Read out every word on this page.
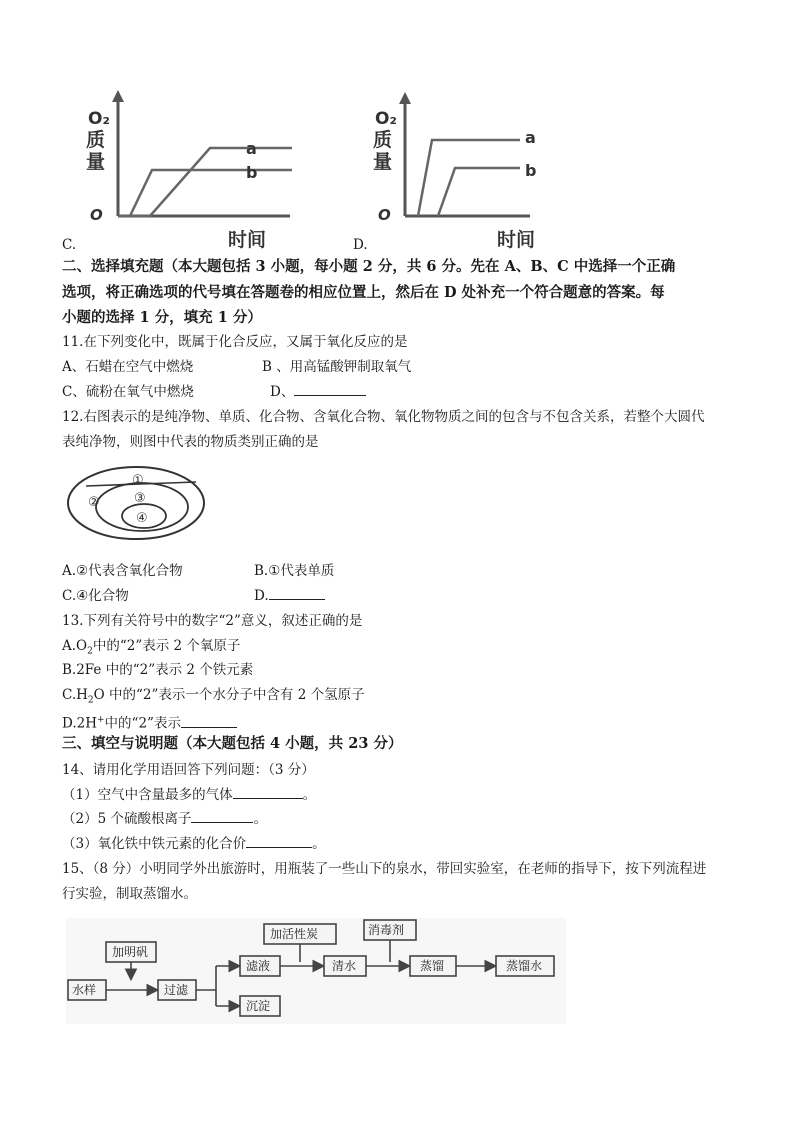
O₂
质
量
O
a
b
时间
O₂
质
量
O
a
b
时间
C.	D.
二、选择填充题（本大题包括 3 小题，每小题 2 分，共 6 分。先在 A、B、C 中选择一个正确
选项，将正确选项的代号填在答题卷的相应位置上，然后在 D 处补充一个符合题意的答案。每
小题的选择 1 分，填充 1 分）
11.在下列变化中，既属于化合反应，又属于氧化反应的是
A、石蜡在空气中燃烧	B 、用高锰酸钾制取氧气
C、硫粉在氧气中燃烧	D、
12.右图表示的是纯净物、单质、化合物、含氧化合物、氧化物物质之间的包含与不包含关系，若整个大圆代
表纯净物，则图中代表的物质类别正确的是
①
②	③
④
A.②代表含氧化合物	B.①代表单质
C.④化合物	D.
13.下列有关符号中的数字“2”意义，叙述正确的是
$A.O_2$中的“2”表示 2 个氧原子
B.2Fe 中的“2”表示 2 个铁元素
$C.H_2O$ 中的“2”表示一个水分子中含有 2 个氢原子
D.2H+中的“2”表示
三、填空与说明题（本大题包括 4 小题，共 23 分）
14、请用化学用语回答下列问题：（3 分）
（1）空气中含量最多的气体	。
（2）5 个硫酸根离子	。
（3）氧化铁中铁元素的化合价	。
15、（8 分）小明同学外出旅游时，用瓶装了一些山下的泉水，带回实验室，在老师的指导下，按下列流程进
行实验，制取蒸馏水。
加明矾
水样	过滤
滤液
沉淀
加活性炭
清水
消毒剂
蒸馏	蒸馏水
